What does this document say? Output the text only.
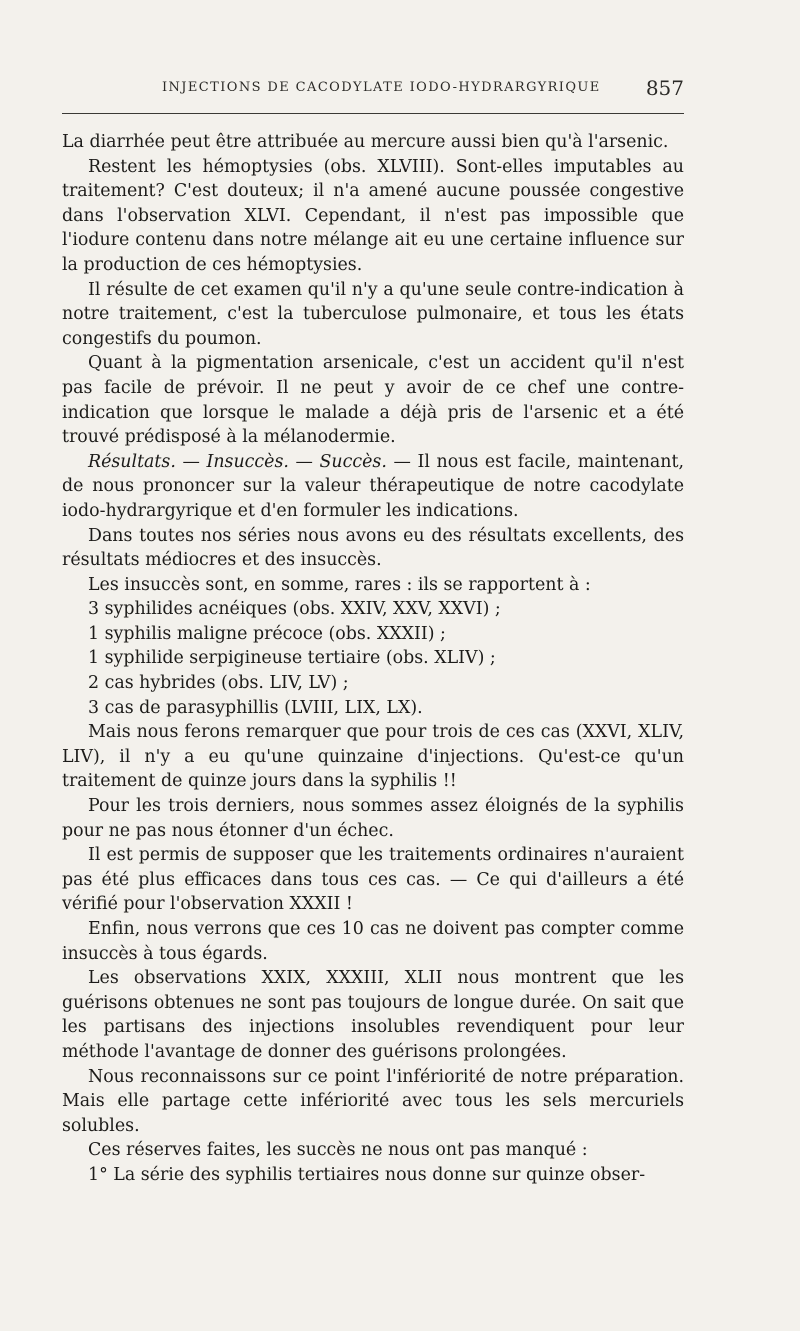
INJECTIONS DE CACODYLATE IODO-HYDRARGYRIQUE 857

La diarrhée peut être attribuée au mercure aussi bien qu'à l'arsenic.

Restent les hémoptysies (obs. XLVIII). Sont-elles imputables au traitement? C'est douteux; il n'a amené aucune poussée congestive dans l'observation XLVI. Cependant, il n'est pas impossible que l'iodure contenu dans notre mélange ait eu une certaine influence sur la production de ces hémoptysies.

Il résulte de cet examen qu'il n'y a qu'une seule contre-indication à notre traitement, c'est la tuberculose pulmonaire, et tous les états congestifs du poumon.

Quant à la pigmentation arsenicale, c'est un accident qu'il n'est pas facile de prévoir. Il ne peut y avoir de ce chef une contre-indication que lorsque le malade a déjà pris de l'arsenic et a été trouvé prédisposé à la mélanodermie.

Résultats. — Insuccès. — Succès. — Il nous est facile, maintenant, de nous prononcer sur la valeur thérapeutique de notre cacodylate iodo-hydrargyrique et d'en formuler les indications.

Dans toutes nos séries nous avons eu des résultats excellents, des résultats médiocres et des insuccès.

Les insuccès sont, en somme, rares : ils se rapportent à :

3 syphilides acnéiques (obs. XXIV, XXV, XXVI) ;

1 syphilis maligne précoce (obs. XXXII) ;

1 syphilide serpigineuse tertiaire (obs. XLIV) ;

2 cas hybrides (obs. LIV, LV) ;

3 cas de parasyphillis (LVIII, LIX, LX).

Mais nous ferons remarquer que pour trois de ces cas (XXVI, XLIV, LIV), il n'y a eu qu'une quinzaine d'injections. Qu'est-ce qu'un traitement de quinze jours dans la syphilis !!

Pour les trois derniers, nous sommes assez éloignés de la syphilis pour ne pas nous étonner d'un échec.

Il est permis de supposer que les traitements ordinaires n'auraient pas été plus efficaces dans tous ces cas. — Ce qui d'ailleurs a été vérifié pour l'observation XXXII !

Enfin, nous verrons que ces 10 cas ne doivent pas compter comme insuccès à tous égards.

Les observations XXIX, XXXIII, XLII nous montrent que les guérisons obtenues ne sont pas toujours de longue durée. On sait que les partisans des injections insolubles revendiquent pour leur méthode l'avantage de donner des guérisons prolongées.

Nous reconnaissons sur ce point l'infériorité de notre préparation. Mais elle partage cette infériorité avec tous les sels mercuriels solubles.

Ces réserves faites, les succès ne nous ont pas manqué :

1° La série des syphilis tertiaires nous donne sur quinze obser-
